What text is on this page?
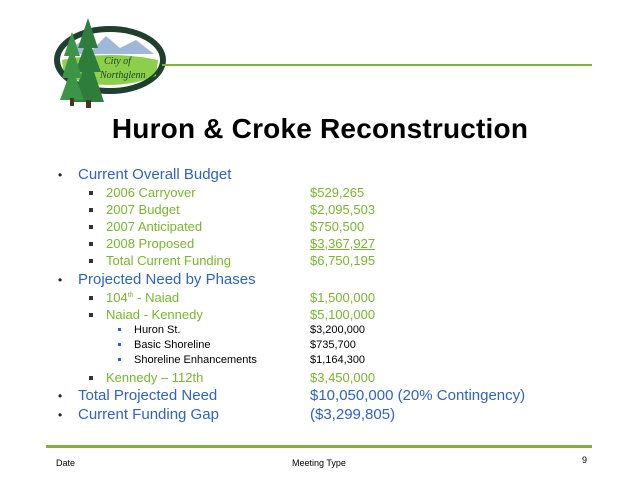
City of
Northglenn
Huron & Croke Reconstruction
• Current Overall Budget
2006 Carryover	$529,265
2007 Budget	$2,095,503
2007 Anticipated	$750,500
2008 Proposed	$3,367,927
Total Current Funding	$6,750,195
• Projected Need by Phases
104th - Naiad	$1,500,000
Naiad - Kennedy	$5,100,000
Huron St.	$3,200,000
Basic Shoreline	$735,700
Shoreline Enhancements	$1,164,300
Kennedy – 112th	$3,450,000
• Total Projected Need	$10,050,000 (20% Contingency)
• Current Funding Gap	($3,299,805)
Date	Meeting Type	9
